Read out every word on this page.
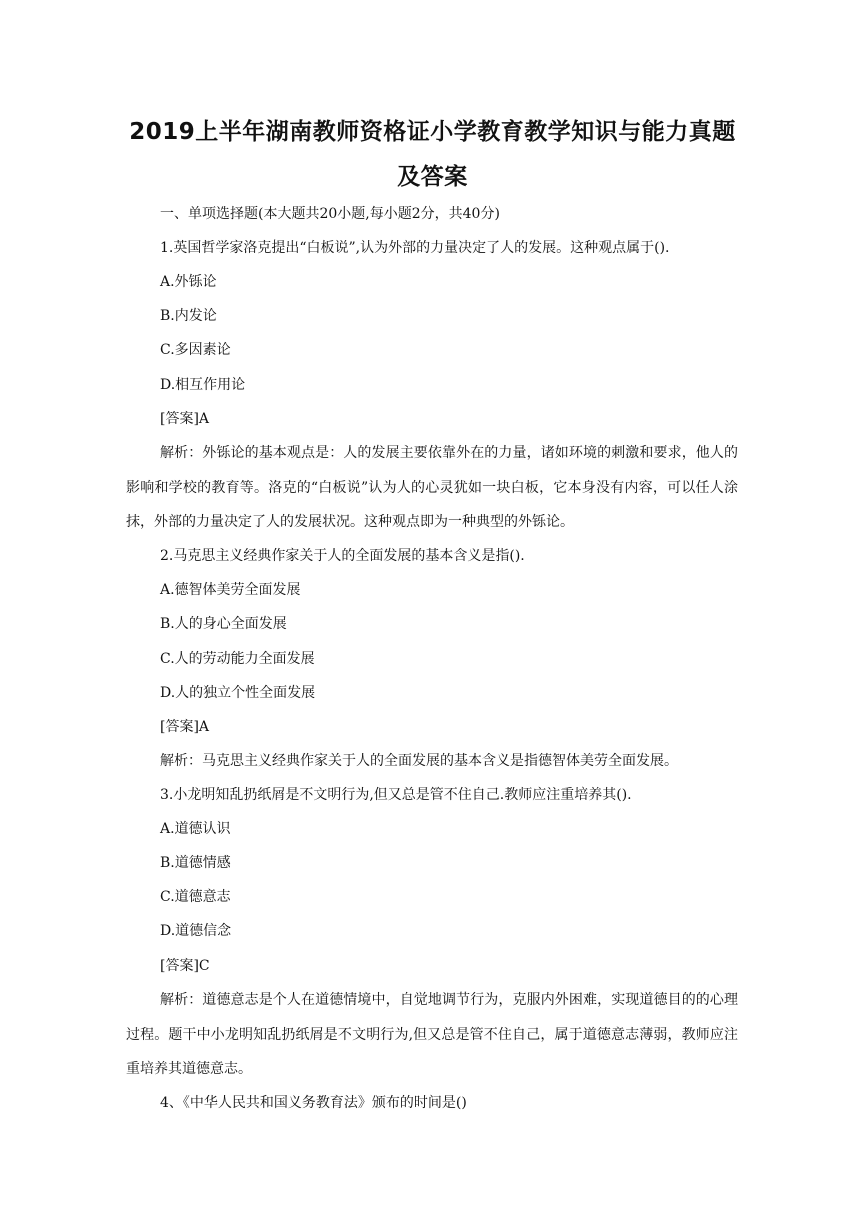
2019上半年湖南教师资格证小学教育教学知识与能力真题
及答案
一、单项选择题(本大题共20小题,每小题2分，共40分)
1.英国哲学家洛克提出“白板说”,认为外部的力量决定了人的发展。这种观点属于().
A.外铄论
B.内发论
C.多因素论
D.相互作用论
[答案]A
解析：外铄论的基本观点是：人的发展主要依靠外在的力量，诸如环境的刺激和要求，他人的影响和学校的教育等。洛克的“白板说”认为人的心灵犹如一块白板，它本身没有内容，可以任人涂抹，外部的力量决定了人的发展状况。这种观点即为一种典型的外铄论。
2.马克思主义经典作家关于人的全面发展的基本含义是指().
A.德智体美劳全面发展
B.人的身心全面发展
C.人的劳动能力全面发展
D.人的独立个性全面发展
[答案]A
解析：马克思主义经典作家关于人的全面发展的基本含义是指德智体美劳全面发展。
3.小龙明知乱扔纸屑是不文明行为,但又总是管不住自己.教师应注重培养其().
A.道德认识
B.道德情感
C.道德意志
D.道德信念
[答案]C
解析：道德意志是个人在道德情境中，自觉地调节行为，克服内外困难，实现道德目的的心理过程。题干中小龙明知乱扔纸屑是不文明行为,但又总是管不住自己，属于道德意志薄弱，教师应注重培养其道德意志。
4、《中华人民共和国义务教育法》颁布的时间是()
